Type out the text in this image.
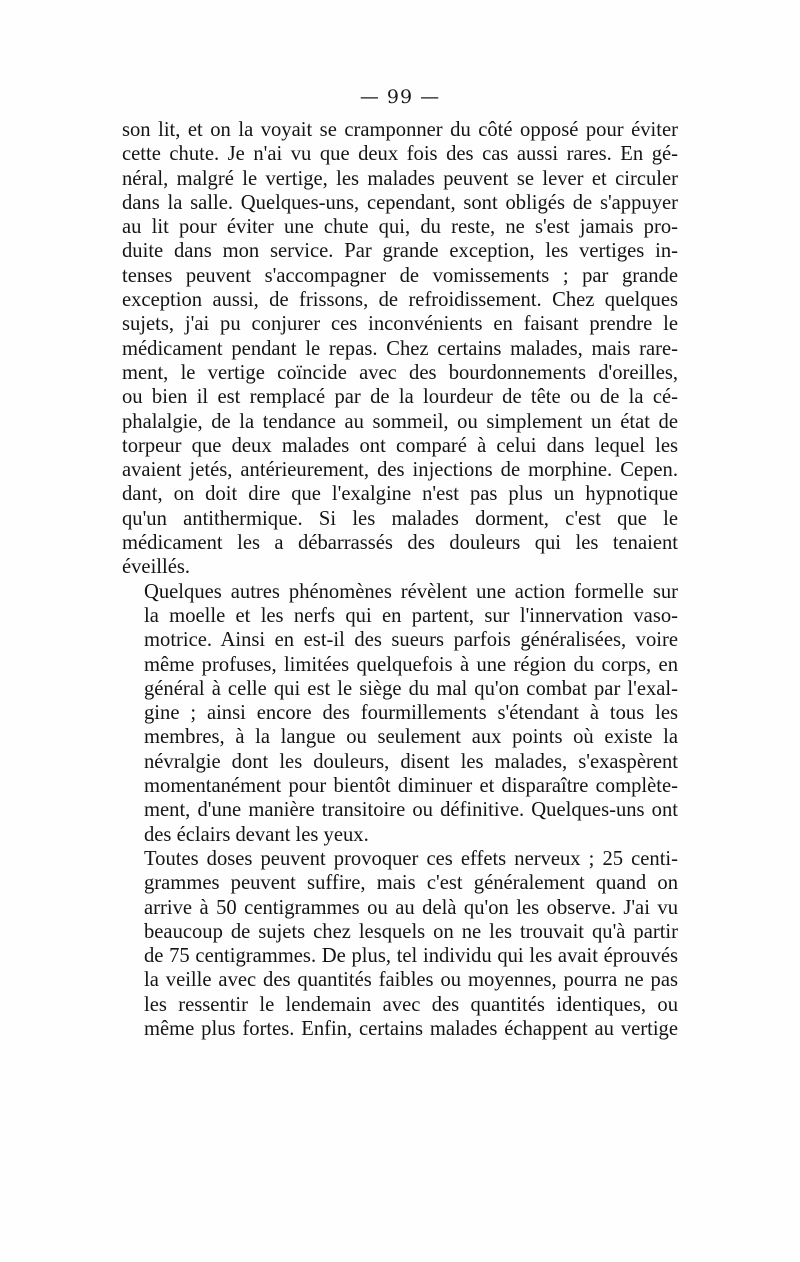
— 99 —
son lit, et on la voyait se cramponner du côté opposé pour éviter
cette chute. Je n'ai vu que deux fois des cas aussi rares. En gé-
néral, malgré le vertige, les malades peuvent se lever et circuler
dans la salle. Quelques-uns, cependant, sont obligés de s'appuyer
au lit pour éviter une chute qui, du reste, ne s'est jamais pro-
duite dans mon service. Par grande exception, les vertiges in-
tenses peuvent s'accompagner de vomissements ; par grande
exception aussi, de frissons, de refroidissement. Chez quelques
sujets, j'ai pu conjurer ces inconvénients en faisant prendre le
médicament pendant le repas. Chez certains malades, mais rare-
ment, le vertige coïncide avec des bourdonnements d'oreilles,
ou bien il est remplacé par de la lourdeur de tête ou de la cé-
phalalgie, de la tendance au sommeil, ou simplement un état de
torpeur que deux malades ont comparé à celui dans lequel les
avaient jetés, antérieurement, des injections de morphine. Cepen.
dant, on doit dire que l'exalgine n'est pas plus un hypnotique
qu'un antithermique. Si les malades dorment, c'est que le
médicament les a débarrassés des douleurs qui les tenaient
éveillés.
Quelques autres phénomènes révèlent une action formelle sur
la moelle et les nerfs qui en partent, sur l'innervation vaso-
motrice. Ainsi en est-il des sueurs parfois généralisées, voire
même profuses, limitées quelquefois à une région du corps, en
général à celle qui est le siège du mal qu'on combat par l'exal-
gine ; ainsi encore des fourmillements s'étendant à tous les
membres, à la langue ou seulement aux points où existe la
névralgie dont les douleurs, disent les malades, s'exaspèrent
momentanément pour bientôt diminuer et disparaître complète-
ment, d'une manière transitoire ou définitive. Quelques-uns ont
des éclairs devant les yeux.
Toutes doses peuvent provoquer ces effets nerveux ; 25 centi-
grammes peuvent suffire, mais c'est généralement quand on
arrive à 50 centigrammes ou au delà qu'on les observe. J'ai vu
beaucoup de sujets chez lesquels on ne les trouvait qu'à partir
de 75 centigrammes. De plus, tel individu qui les avait éprouvés
la veille avec des quantités faibles ou moyennes, pourra ne pas
les ressentir le lendemain avec des quantités identiques, ou
même plus fortes. Enfin, certains malades échappent au vertige
